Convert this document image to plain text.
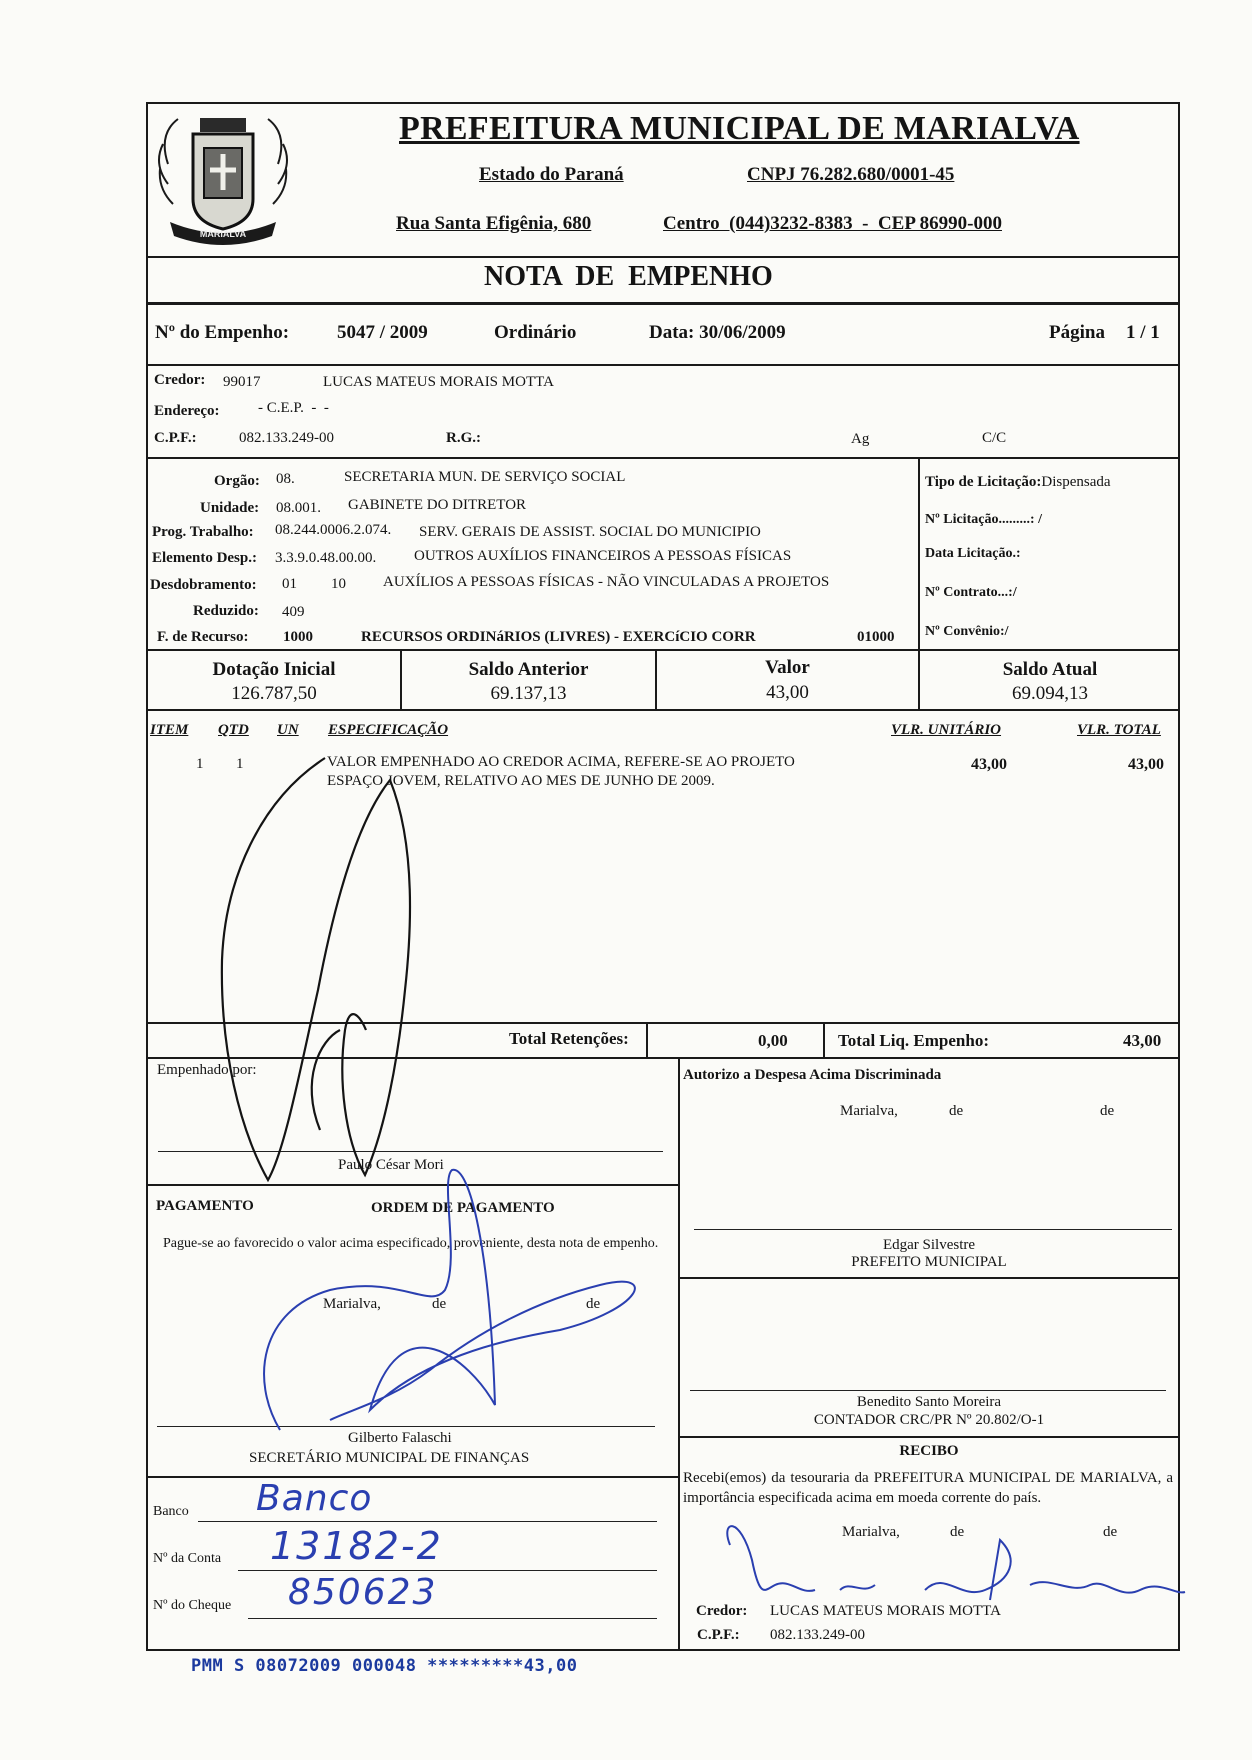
MARIALVA
PREFEITURA MUNICIPAL DE MARIALVA
Estado do Paraná	CNPJ 76.282.680/0001-45
Rua Santa Efigênia, 680	Centro  (044)3232-8383  -  CEP 86990-000
NOTA  DE  EMPENHO
Nº do Empenho:	5047 / 2009	Ordinário	Data: 30/06/2009	Página 1 / 1
Credor: 99017	LUCAS MATEUS MORAIS MOTTA
Endereço:	- C.E.P.  -  -
C.P.F.:	082.133.249-00	R.G.:	Ag	C/C
Orgão: 08.	SECRETARIA MUN. DE SERVIÇO SOCIAL
Unidade: 08.001. GABINETE DO DITRETOR
Prog. Trabalho: 08.244.0006.2.074. SERV. GERAIS DE ASSIST. SOCIAL DO MUNICIPIO
Elemento Desp.: 3.3.9.0.48.00.00.	OUTROS AUXÍLIOS FINANCEIROS A PESSOAS FÍSICAS
Desdobramento: 01 10 AUXÍLIOS A PESSOAS FÍSICAS - NÃO VINCULADAS A PROJETOS
Reduzido: 409
F. de Recurso: 1000	RECURSOS ORDINáRIOS (LIVRES) - EXERCíCIO CORR	01000
Tipo de Licitação:Dispensada
Nº Licitação.........: /
Data Licitação.:
Nº Contrato...:/
Nº Convênio:/
Dotação Inicial
126.787,50
Saldo Anterior
69.137,13
Valor
43,00
Saldo Atual
69.094,13
ITEM QTD UN ESPECIFICAÇÃO	VLR. UNITÁRIO	VLR. TOTAL
1 1	VALOR EMPENHADO AO CREDOR ACIMA, REFERE-SE AO PROJETO
ESPAÇO JOVEM, RELATIVO AO MES DE JUNHO DE 2009.
43,00	43,00
Total Retenções:	0,00	Total Liq. Empenho:	43,00
Empenhado por:
Paulo César Mori
Autorizo a Despesa Acima Discriminada
Marialva,	de	de
Edgar Silvestre
PREFEITO MUNICIPAL
PAGAMENTO	ORDEM DE PAGAMENTO
Pague-se ao favorecido o valor acima especificado, proveniente, desta nota de empenho.
Marialva,	de	de
Gilberto Falaschi
SECRETÁRIO MUNICIPAL DE FINANÇAS
Benedito Santo Moreira
CONTADOR CRC/PR Nº 20.802/O-1
Banco Banco
Nº da Conta 13182-2
Nº do Cheque 850623
RECIBO
Recebi(emos) da tesouraria da PREFEITURA MUNICIPAL DE MARIALVA, a importância especificada acima em moeda corrente do país.
Marialva,	de	de
Credor: LUCAS MATEUS MORAIS MOTTA
C.P.F.: 082.133.249-00
PMM S 08072009 000048 *********43,00
